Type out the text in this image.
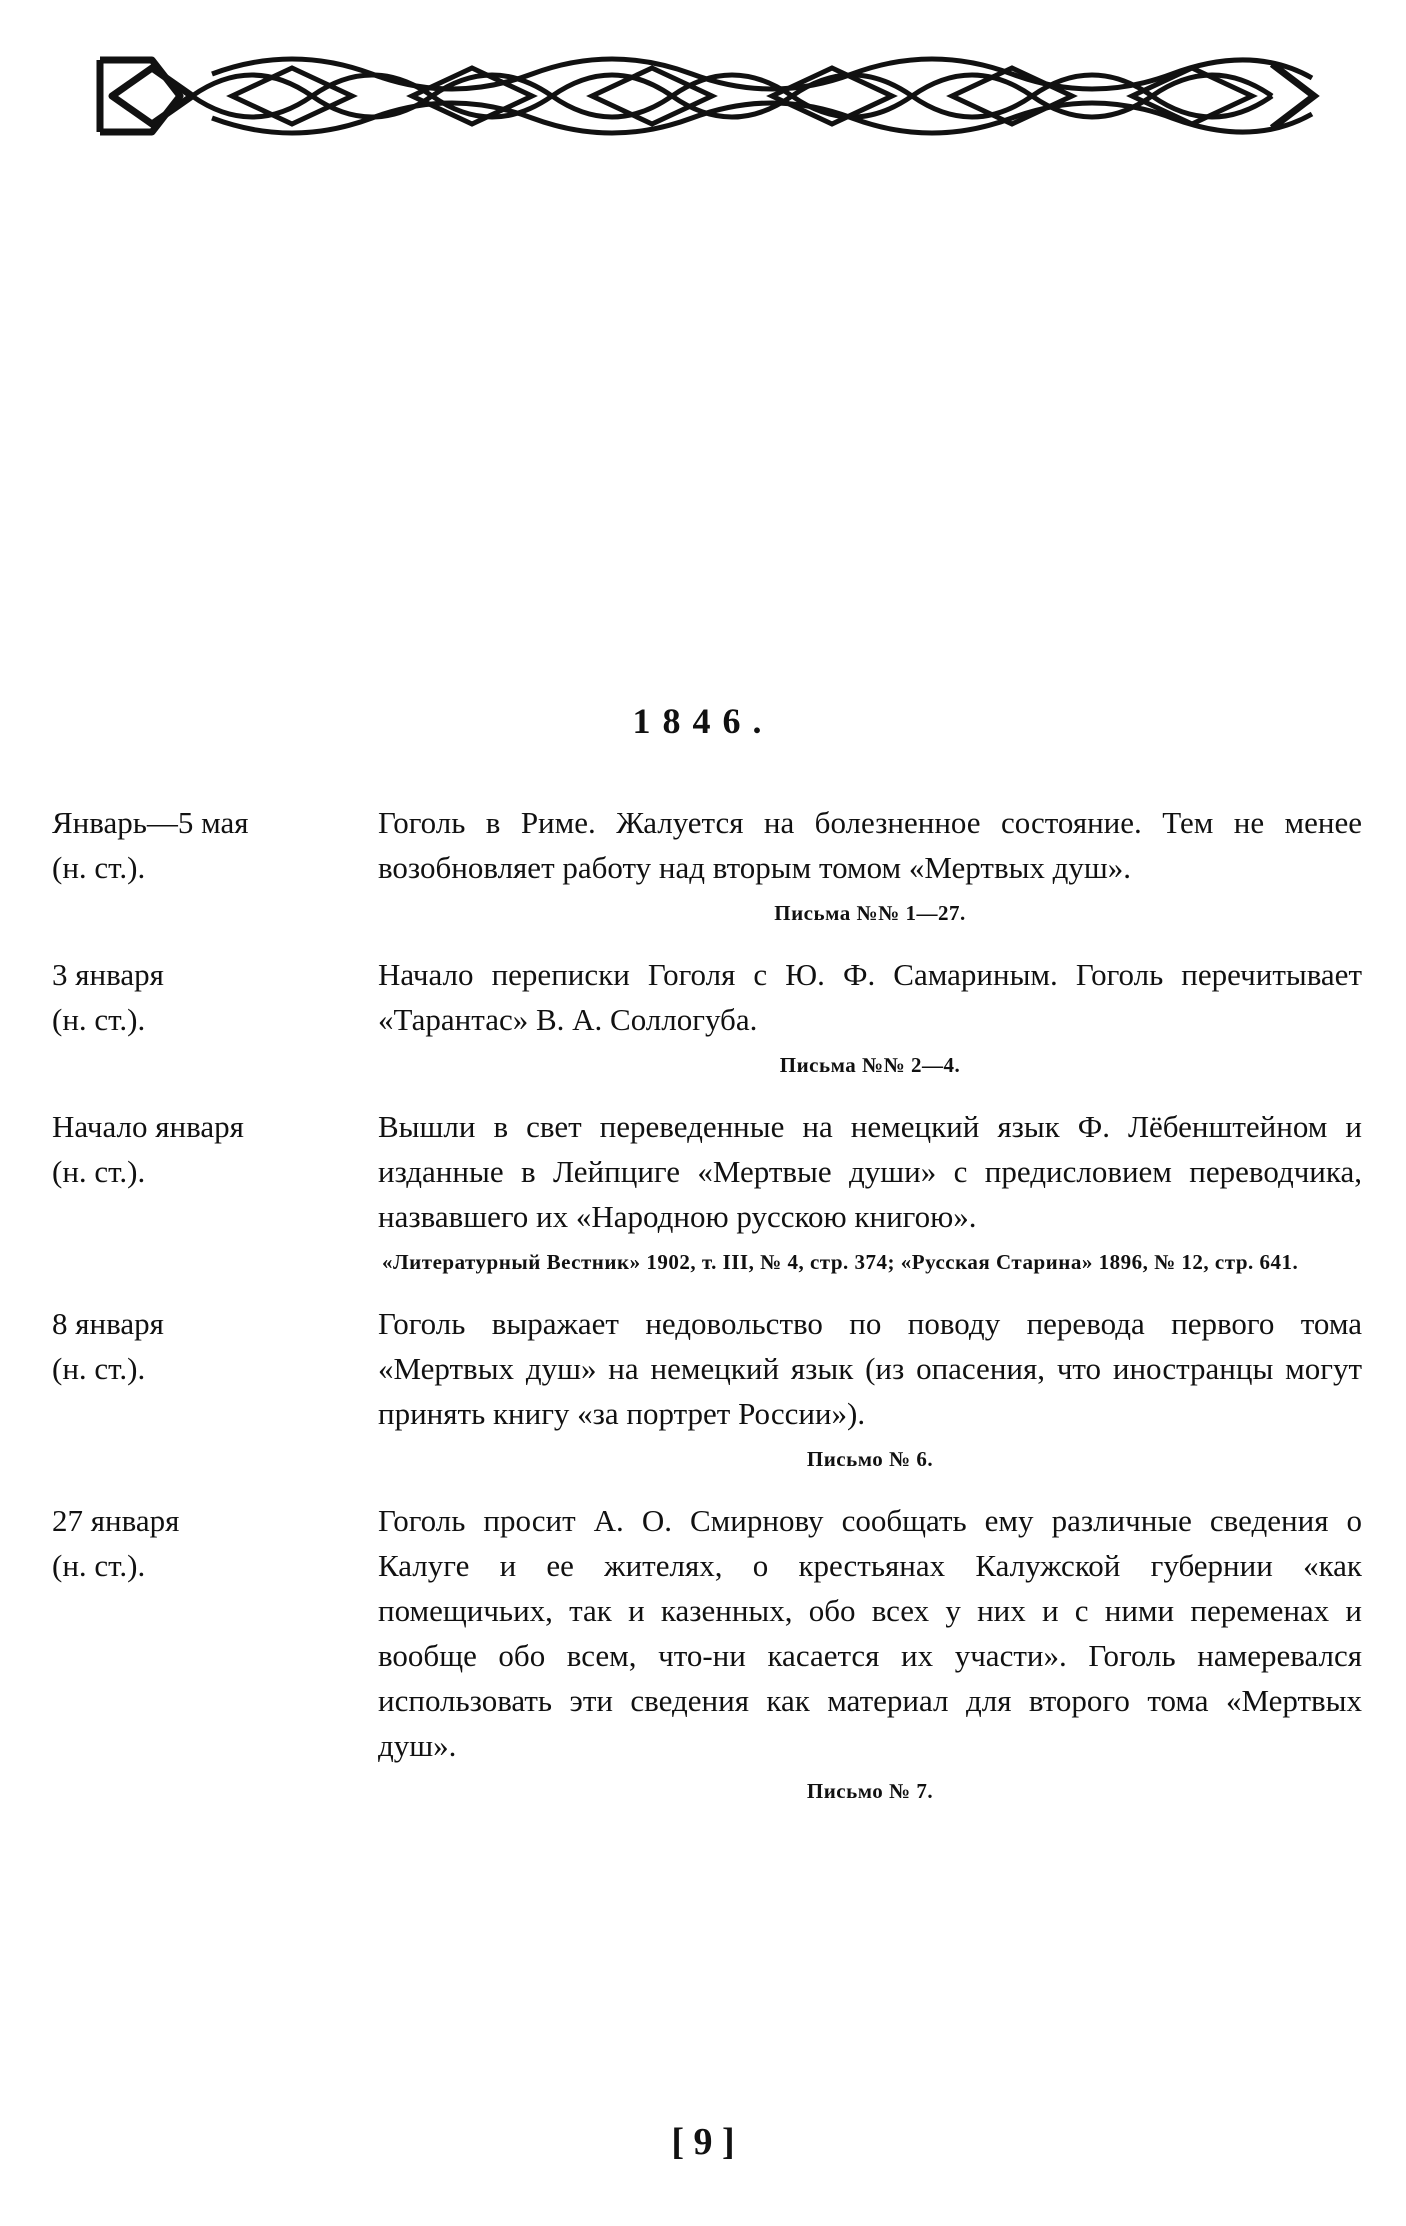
1846.
Январь—5 мая
(н. ст.).
Гоголь в Риме. Жалуется на болезненное состояние. Тем не менее возобновляет работу над вторым томом «Мертвых душ».
Письма №№ 1—27.
3 января
(н. ст.).
Начало переписки Гоголя с Ю. Ф. Самариным. Гоголь перечитывает «Тарантас» В. А. Соллогуба.
Письма №№ 2—4.
Начало января
(н. ст.).
Вышли в свет переведенные на немецкий язык Ф. Лёбенштейном и изданные в Лейпциге «Мертвые души» с предисловием переводчика, назвавшего их «Народною русскою книгою».
«Литературный Вестник» 1902, т. III, № 4, стр. 374; «Русская Старина» 1896, № 12, стр. 641.
8 января
(н. ст.).
Гоголь выражает недовольство по поводу перевода первого тома «Мертвых душ» на немецкий язык (из опасения, что иностранцы могут принять книгу «за портрет России»).
Письмо № 6.
27 января
(н. ст.).
Гоголь просит А. О. Смирнову сообщать ему различные сведения о Калуге и ее жителях, о крестьянах Калужской губернии «как помещичьих, так и казенных, обо всех у них и с ними переменах и вообще обо всем, что-ни касается их участи». Гоголь намеревался использовать эти сведения как материал для второго тома «Мертвых душ».
Письмо № 7.
[ 9 ]
